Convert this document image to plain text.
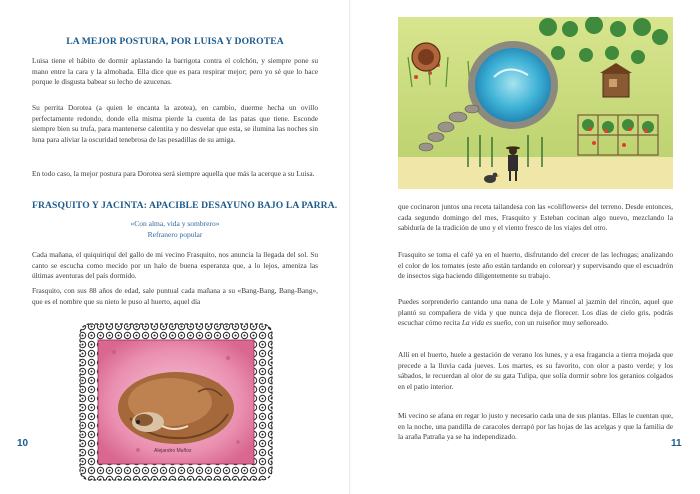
LA MEJOR POSTURA, POR LUISA Y DOROTEA

Luisa tiene el hábito de dormir aplastando la barrigota contra el colchón, y siempre pone su mano entre la cara y la almohada. Ella dice que es para respirar mejor; pero yo sé que lo hace porque le disgusta babear su lecho de azucenas.

Su perrita Dorotea (a quien le encanta la azotea), en cambio, duerme hecha un ovillo perfectamente redondo, donde ella misma pierde la cuenta de las patas que tiene. Esconde siempre bien su trufa, para mantenerse calentita y no desvelar que esta, se ilumina las noches sin luna para aliviar la oscuridad tenebrosa de las pesadillas de su amiga.

En todo caso, la mejor postura para Dorotea será siempre aquella que más la acerque a su Luisa.

FRASQUITO Y JACINTA: APACIBLE DESAYUNO BAJO LA PARRA.

«Con alma, vida y sombrero»

Refranero popular

Cada mañana, el quiquiriquí del gallo de mi vecino Frasquito, nos anuncia la llegada del sol. Su canto se escucha como mecido por un halo de buena esperanza que, a lo lejos, ameniza las últimas aventuras del país dormido.

Frasquito, con sus 88 años de edad, sale puntual cada mañana a su «Bang-Bang, Bang-Bang», que es el nombre que su nieto le puso al huerto, aquel día

Alejandro Muñoz
10

que cocinaron juntos una receta tailandesa con las «coliflowers» del terreno. Desde entonces, cada segundo domingo del mes, Frasquito y Esteban cocinan algo nuevo, mezclando la sabiduría de la tradición de uno y el viento fresco de los viajes del otro.

Frasquito se toma el café ya en el huerto, disfrutando del crecer de las lechugas; analizando el color de los tomates (este año están tardando en colorear) y supervisando que el escuadrón de insectos siga haciendo diligentemente su trabajo.

Puedes sorprenderlo cantando una nana de Lole y Manuel al jazmín del rincón, aquel que plantó su compañera de vida y que nunca deja de florecer. Los días de cielo gris, podrás escuchar cómo recita La vida es sueño, con un ruiseñor muy señoreado.

Allí en el huerto, huele a gestación de verano los lunes, y a esa fragancia a tierra mojada que precede a la lluvia cada jueves. Los martes, es su favorito, con olor a pasto verde; y los sábados, le recuerdan al olor de su gata Tulipa, que solía dormir sobre los geranios colgados en el patio interior.

Mi vecino se afana en regar lo justo y necesario cada una de sus plantas. Ellas le cuentan que, en la noche, una pandilla de caracoles derrapó por las hojas de las acelgas y que la familia de la araña Patraña ya se ha independizado.

11
